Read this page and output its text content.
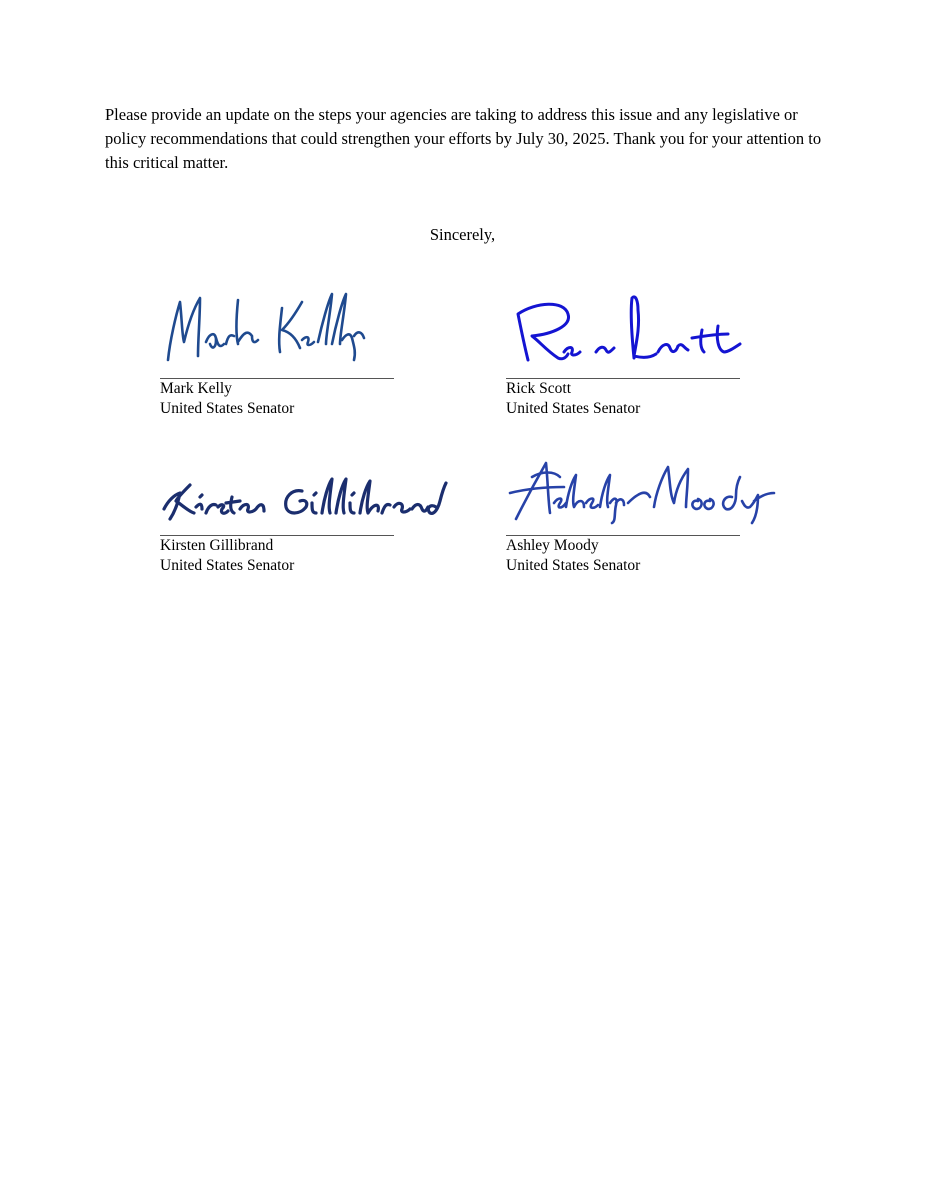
Please provide an update on the steps your agencies are taking to address this issue and any legislative or policy recommendations that could strengthen your efforts by July 30, 2025. Thank you for your attention to this critical matter.

Sincerely,

Mark Kelly
United States Senator
Rick Scott
United States Senator
Kirsten Gillibrand
United States Senator
Ashley Moody
United States Senator
